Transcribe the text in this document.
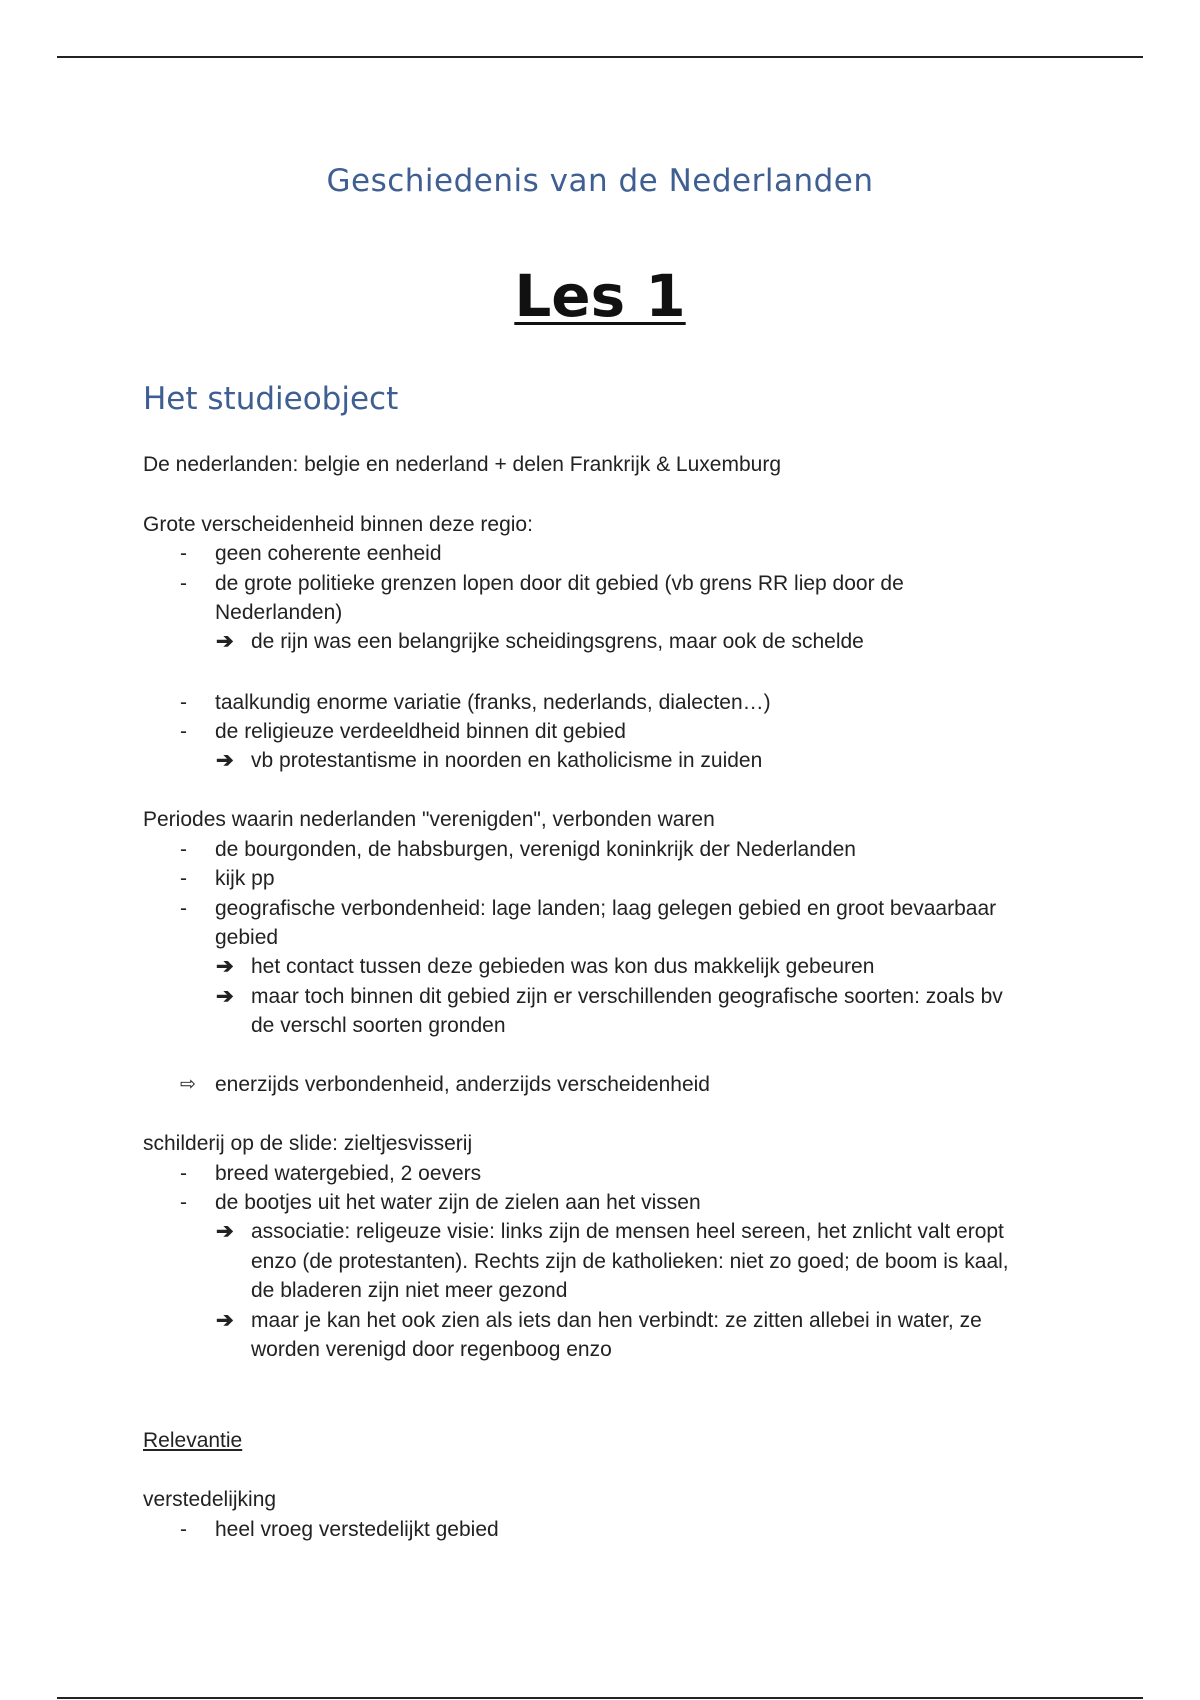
Geschiedenis van de Nederlanden
Les 1
Het studieobject
De nederlanden: belgie en nederland + delen Frankrijk & Luxemburg
Grote verscheidenheid binnen deze regio:
- geen coherente eenheid
- de grote politieke grenzen lopen door dit gebied (vb grens RR liep door de
Nederlanden)
➔ de rijn was een belangrijke scheidingsgrens, maar ook de schelde
- taalkundig enorme variatie (franks, nederlands, dialecten…)
- de religieuze verdeeldheid binnen dit gebied
➔ vb protestantisme in noorden en katholicisme in zuiden
Periodes waarin nederlanden "verenigden", verbonden waren
- de bourgonden, de habsburgen, verenigd koninkrijk der Nederlanden
- kijk pp
- geografische verbondenheid: lage landen; laag gelegen gebied en groot bevaarbaar
gebied
➔ het contact tussen deze gebieden was kon dus makkelijk gebeuren
➔ maar toch binnen dit gebied zijn er verschillenden geografische soorten: zoals bv
de verschl soorten gronden
⇨ enerzijds verbondenheid, anderzijds verscheidenheid
schilderij op de slide: zieltjesvisserij
- breed watergebied, 2 oevers
- de bootjes uit het water zijn de zielen aan het vissen
➔ associatie: religeuze visie: links zijn de mensen heel sereen, het znlicht valt eropt
enzo (de protestanten). Rechts zijn de katholieken: niet zo goed; de boom is kaal,
de bladeren zijn niet meer gezond
➔ maar je kan het ook zien als iets dan hen verbindt: ze zitten allebei in water, ze
worden verenigd door regenboog enzo
Relevantie
verstedelijking
- heel vroeg verstedelijkt gebied
